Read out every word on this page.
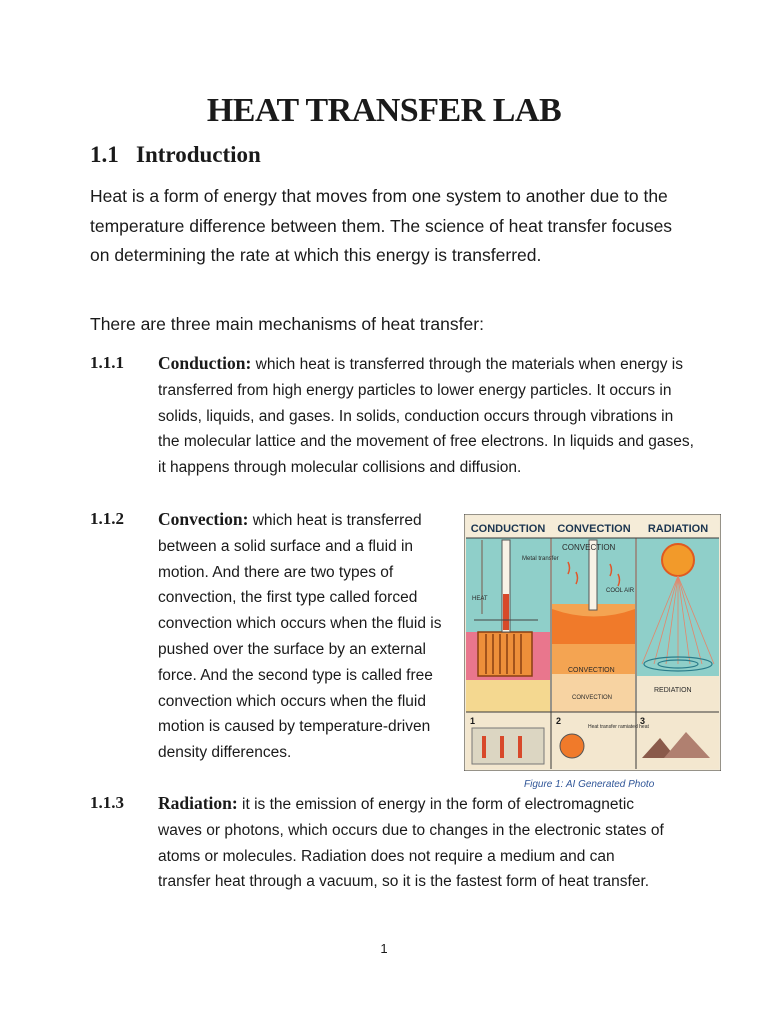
HEAT TRANSFER LAB
1.1 Introduction
Heat is a form of energy that moves from one system to another due to the temperature difference between them. The science of heat transfer focuses on determining the rate at which this energy is transferred.
There are three main mechanisms of heat transfer:
1.1.1 Conduction: which heat is transferred through the materials when energy is transferred from high energy particles to lower energy particles. It occurs in solids, liquids, and gases. In solids, conduction occurs through vibrations in the molecular lattice and the movement of free electrons. In liquids and gases, it happens through molecular collisions and diffusion.
1.1.2 Convection: which heat is transferred between a solid surface and a fluid in motion. And there are two types of convection, the first type called forced convection which occurs when the fluid is pushed over the surface by an external force. And the second type is called free convection which occurs when the fluid motion is caused by temperature-driven density differences.
1.1.3 Radiation: it is the emission of energy in the form of electromagnetic waves or photons, which occurs due to changes in the electronic states of atoms or molecules. Radiation does not require a medium and can transfer heat through a vacuum, so it is the fastest form of heat transfer.
CONDUCTION CONVECTION RADIATION
Metal transfer
HEAT
CONVECTION
COOL AIR
CONVECTION
CONVECTION
REDIATION
Heat transfer ramiated heat
1	2	3
Figure 1: AI Generated Photo
1
